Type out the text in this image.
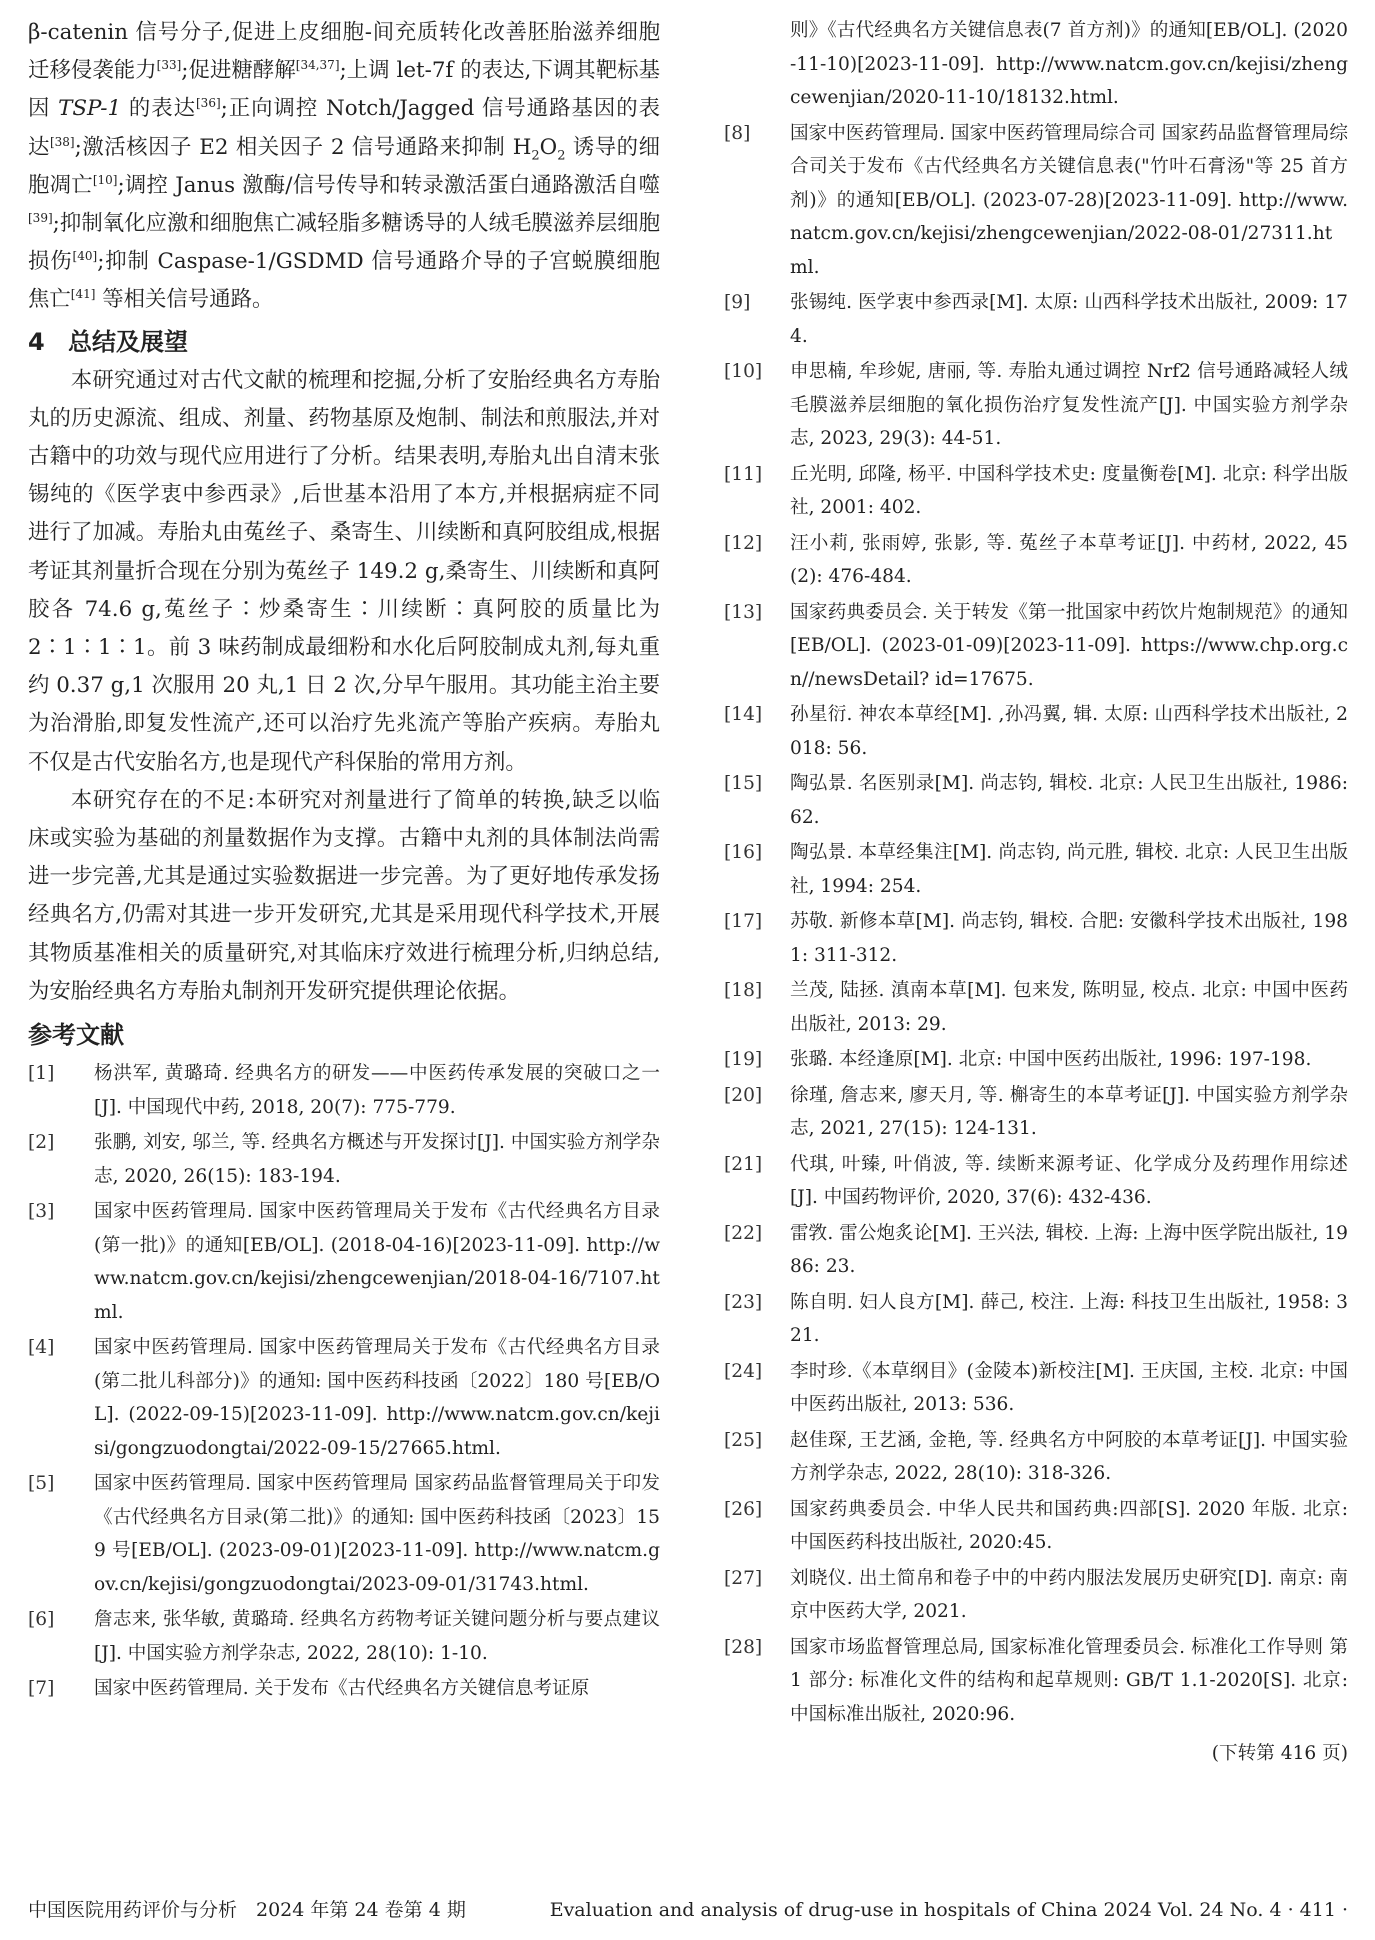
β-catenin 信号分子,促进上皮细胞-间充质转化改善胚胎滋养细胞迁移侵袭能力[33];促进糖酵解[34,37];上调 let-7f 的表达,下调其靶标基因 TSP-1 的表达[36];正向调控 Notch/Jagged 信号通路基因的表达[38];激活核因子 E2 相关因子 2 信号通路来抑制 $H_2O_2$ 诱导的细胞凋亡[10];调控 Janus 激酶/信号传导和转录激活蛋白通路激活自噬[39];抑制氧化应激和细胞焦亡减轻脂多糖诱导的人绒毛膜滋养层细胞损伤[40];抑制 Caspase-1/GSDMD 信号通路介导的子宫蜕膜细胞焦亡[41] 等相关信号通路。

4 总结及展望

本研究通过对古代文献的梳理和挖掘,分析了安胎经典名方寿胎丸的历史源流、组成、剂量、药物基原及炮制、制法和煎服法,并对古籍中的功效与现代应用进行了分析。结果表明,寿胎丸出自清末张锡纯的《医学衷中参西录》,后世基本沿用了本方,并根据病症不同进行了加减。寿胎丸由菟丝子、桑寄生、川续断和真阿胶组成,根据考证其剂量折合现在分别为菟丝子 149.2 g,桑寄生、川续断和真阿胶各 74.6 g,菟丝子∶炒桑寄生∶川续断∶真阿胶的质量比为2∶1∶1∶1。前 3 味药制成最细粉和水化后阿胶制成丸剂,每丸重约 0.37 g,1 次服用 20 丸,1 日 2 次,分早午服用。其功能主治主要为治滑胎,即复发性流产,还可以治疗先兆流产等胎产疾病。寿胎丸不仅是古代安胎名方,也是现代产科保胎的常用方剂。

本研究存在的不足:本研究对剂量进行了简单的转换,缺乏以临床或实验为基础的剂量数据作为支撑。古籍中丸剂的具体制法尚需进一步完善,尤其是通过实验数据进一步完善。为了更好地传承发扬经典名方,仍需对其进一步开发研究,尤其是采用现代科学技术,开展其物质基准相关的质量研究,对其临床疗效进行梳理分析,归纳总结,为安胎经典名方寿胎丸制剂开发研究提供理论依据。

参考文献
[1]	杨洪军, 黄璐琦. 经典名方的研发——中医药传承发展的突破口之一[J]. 中国现代中药, 2018, 20(7): 775-779.
[2]	张鹏, 刘安, 邬兰, 等. 经典名方概述与开发探讨[J]. 中国实验方剂学杂志, 2020, 26(15): 183-194.
[3]	国家中医药管理局. 国家中医药管理局关于发布《古代经典名方目录(第一批)》的通知[EB/OL]. (2018-04-16)[2023-11-09]. http://www.natcm.gov.cn/kejisi/zhengcewenjian/2018-04-16/7107.html.
[4]	国家中医药管理局. 国家中医药管理局关于发布《古代经典名方目录(第二批儿科部分)》的通知: 国中医药科技函〔2022〕180 号[EB/OL]. (2022-09-15)[2023-11-09]. http://www.natcm.gov.cn/kejisi/gongzuodongtai/2022-09-15/27665.html.
[5]	国家中医药管理局. 国家中医药管理局 国家药品监督管理局关于印发《古代经典名方目录(第二批)》的通知: 国中医药科技函〔2023〕159 号[EB/OL]. (2023-09-01)[2023-11-09]. http://www.natcm.gov.cn/kejisi/gongzuodongtai/2023-09-01/31743.html.
[6]	詹志来, 张华敏, 黄璐琦. 经典名方药物考证关键问题分析与要点建议[J]. 中国实验方剂学杂志, 2022, 28(10): 1-10.
[7]	国家中医药管理局. 关于发布《古代经典名方关键信息考证原
则》《古代经典名方关键信息表(7 首方剂)》的通知[EB/OL]. (2020-11-10)[2023-11-09]. http://www.natcm.gov.cn/kejisi/zhengcewenjian/2020-11-10/18132.html.
[8]	国家中医药管理局. 国家中医药管理局综合司 国家药品监督管理局综合司关于发布《古代经典名方关键信息表("竹叶石膏汤"等 25 首方剂)》的通知[EB/OL]. (2023-07-28)[2023-11-09]. http://www.natcm.gov.cn/kejisi/zhengcewenjian/2022-08-01/27311.html.
[9]	张锡纯. 医学衷中参西录[M]. 太原: 山西科学技术出版社, 2009: 174.
[10]	申思楠, 牟珍妮, 唐丽, 等. 寿胎丸通过调控 Nrf2 信号通路减轻人绒毛膜滋养层细胞的氧化损伤治疗复发性流产[J]. 中国实验方剂学杂志, 2023, 29(3): 44-51.
[11]	丘光明, 邱隆, 杨平. 中国科学技术史: 度量衡卷[M]. 北京: 科学出版社, 2001: 402.
[12]	汪小莉, 张雨婷, 张影, 等. 菟丝子本草考证[J]. 中药材, 2022, 45(2): 476-484.
[13]	国家药典委员会. 关于转发《第一批国家中药饮片炮制规范》的通知[EB/OL]. (2023-01-09)[2023-11-09]. https://www.chp.org.cn//newsDetail? id=17675.
[14]	孙星衍. 神农本草经[M]. ,孙冯翼, 辑. 太原: 山西科学技术出版社, 2018: 56.
[15]	陶弘景. 名医别录[M]. 尚志钧, 辑校. 北京: 人民卫生出版社, 1986: 62.
[16]	陶弘景. 本草经集注[M]. 尚志钧, 尚元胜, 辑校. 北京: 人民卫生出版社, 1994: 254.
[17]	苏敬. 新修本草[M]. 尚志钧, 辑校. 合肥: 安徽科学技术出版社, 1981: 311-312.
[18]	兰茂, 陆拯. 滇南本草[M]. 包来发, 陈明显, 校点. 北京: 中国中医药出版社, 2013: 29.
[19]	张璐. 本经逢原[M]. 北京: 中国中医药出版社, 1996: 197-198.
[20]	徐瑾, 詹志来, 廖天月, 等. 槲寄生的本草考证[J]. 中国实验方剂学杂志, 2021, 27(15): 124-131.
[21]	代琪, 叶臻, 叶俏波, 等. 续断来源考证、化学成分及药理作用综述[J]. 中国药物评价, 2020, 37(6): 432-436.
[22]	雷敩. 雷公炮炙论[M]. 王兴法, 辑校. 上海: 上海中医学院出版社, 1986: 23.
[23]	陈自明. 妇人良方[M]. 薛己, 校注. 上海: 科技卫生出版社, 1958: 321.
[24]	李时珍.《本草纲目》(金陵本)新校注[M]. 王庆国, 主校. 北京: 中国中医药出版社, 2013: 536.
[25]	赵佳琛, 王艺涵, 金艳, 等. 经典名方中阿胶的本草考证[J]. 中国实验方剂学杂志, 2022, 28(10): 318-326.
[26]	国家药典委员会. 中华人民共和国药典:四部[S]. 2020 年版. 北京: 中国医药科技出版社, 2020:45.
[27]	刘晓仪. 出土简帛和卷子中的中药内服法发展历史研究[D]. 南京: 南京中医药大学, 2021.
[28]	国家市场监督管理总局, 国家标准化管理委员会. 标准化工作导则 第 1 部分: 标准化文件的结构和起草规则: GB/T 1.1-2020[S]. 北京: 中国标准出版社, 2020:96.
(下转第 416 页)
中国医院用药评价与分析　2024 年第 24 卷第 4 期	Evaluation and analysis of drug-use in hospitals of China 2024 Vol. 24 No. 4 · 411 ·
